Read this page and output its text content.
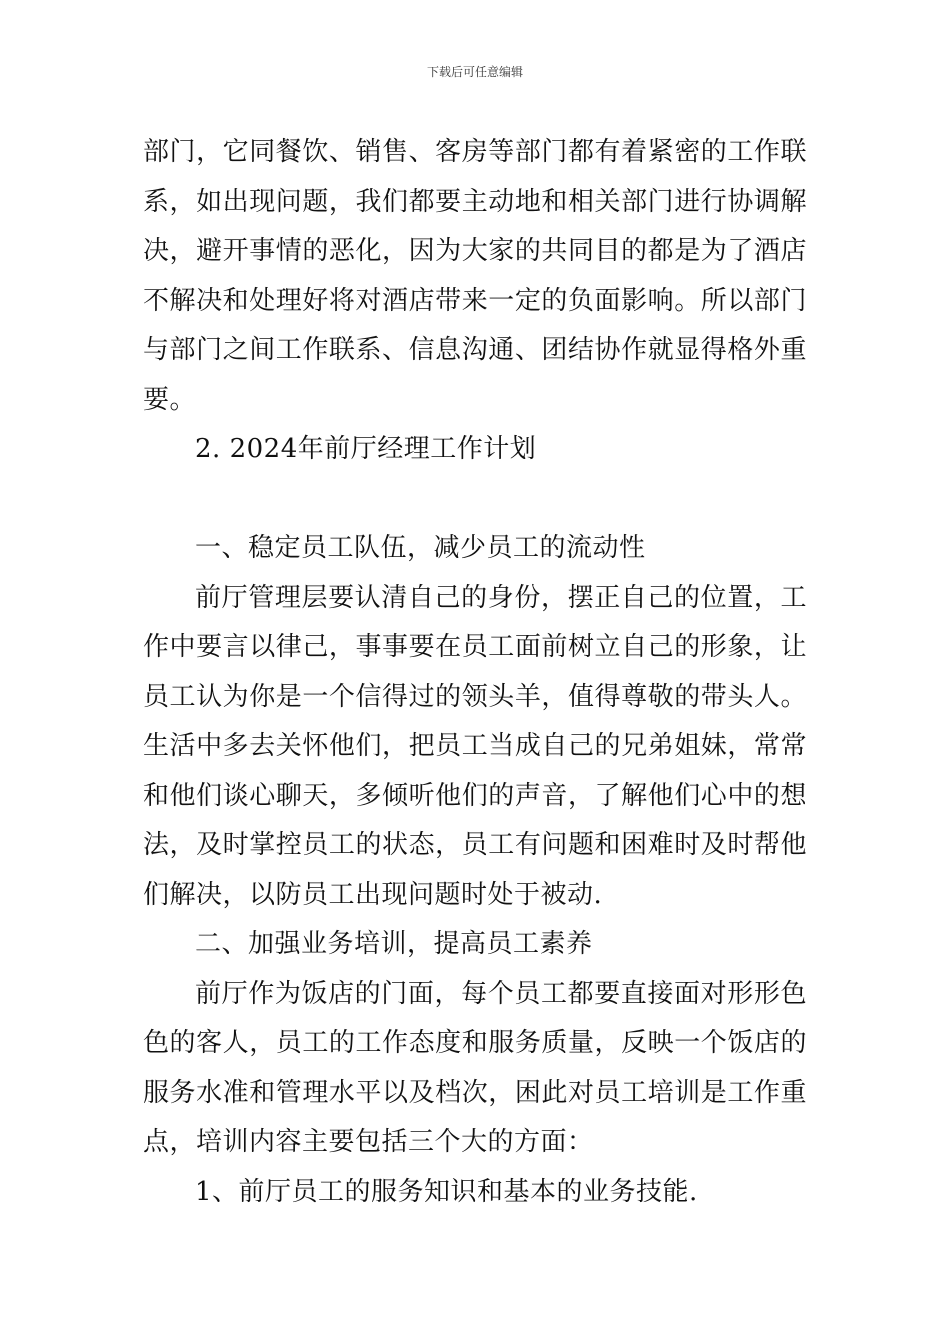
下载后可任意编辑

部门，它同餐饮、销售、客房等部门都有着紧密的工作联系，如出现问题，我们都要主动地和相关部门进行协调解决，避开事情的恶化，因为大家的共同目的都是为了酒店不解决和处理好将对酒店带来一定的负面影响。所以部门与部门之间工作联系、信息沟通、团结协作就显得格外重要。

2. 2024年前厅经理工作计划

一、稳定员工队伍，减少员工的流动性

前厅管理层要认清自己的身份，摆正自己的位置，工作中要言以律己，事事要在员工面前树立自己的形象，让员工认为你是一个信得过的领头羊，值得尊敬的带头人。生活中多去关怀他们，把员工当成自己的兄弟姐妹，常常和他们谈心聊天，多倾听他们的声音，了解他们心中的想法，及时掌控员工的状态，员工有问题和困难时及时帮他们解决，以防员工出现问题时处于被动.

二、加强业务培训，提高员工素养

前厅作为饭店的门面，每个员工都要直接面对形形色色的客人，员工的工作态度和服务质量，反映一个饭店的服务水准和管理水平以及档次，困此对员工培训是工作重点，培训内容主要包括三个大的方面：

1、前厅员工的服务知识和基本的业务技能.
